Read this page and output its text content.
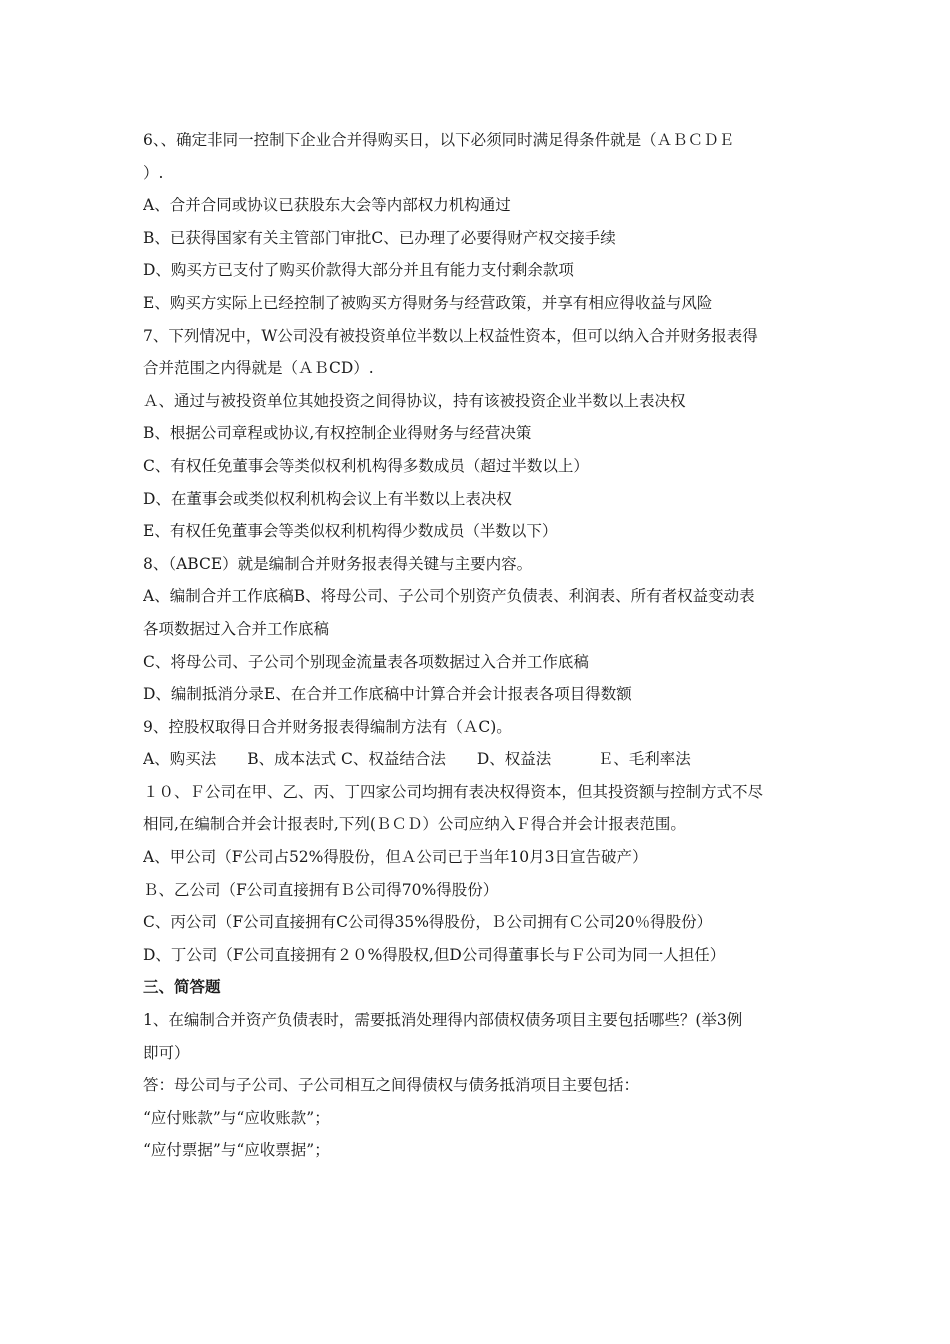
6、、确定非同一控制下企业合并得购买日，以下必须同时满足得条件就是（ＡＢＣＤＥ
）.
A、合并合同或协议已获股东大会等内部权力机构通过
B、已获得国家有关主管部门审批C、已办理了必要得财产权交接手续
D、购买方已支付了购买价款得大部分并且有能力支付剩余款项
E、购买方实际上已经控制了被购买方得财务与经营政策，并享有相应得收益与风险
7、下列情况中，W公司没有被投资单位半数以上权益性资本，但可以纳入合并财务报表得
合并范围之内得就是（ＡＢCD）.
Ａ、通过与被投资单位其她投资之间得协议，持有该被投资企业半数以上表决权
B、根据公司章程或协议,有权控制企业得财务与经营决策
C、有权任免董事会等类似权利机构得多数成员（超过半数以上）
D、在董事会或类似权利机构会议上有半数以上表决权
E、有权任免董事会等类似权利机构得少数成员（半数以下）
8、（ABCE）就是编制合并财务报表得关键与主要内容。
A、编制合并工作底稿B、将母公司、子公司个别资产负债表、利润表、所有者权益变动表
各项数据过入合并工作底稿
C、将母公司、子公司个别现金流量表各项数据过入合并工作底稿
D、编制抵消分录E、在合并工作底稿中计算合并会计报表各项目得数额
9、控股权取得日合并财务报表得编制方法有（ＡC)。
A、购买法　　B、成本法式 C、权益结合法　　D、权益法　　　Ｅ、毛利率法
１０、Ｆ公司在甲、乙、丙、丁四家公司均拥有表决权得资本，但其投资额与控制方式不尽
相同,在编制合并会计报表时,下列(ＢＣＤ）公司应纳入Ｆ得合并会计报表范围。
A、甲公司（F公司占52%得股份，但Ａ公司已于当年10月3日宣告破产）
Ｂ、乙公司（F公司直接拥有Ｂ公司得70%得股份）
C、丙公司（F公司直接拥有C公司得35%得股份，Ｂ公司拥有Ｃ公司20％得股份）
D、丁公司（F公司直接拥有２０%得股权,但D公司得董事长与Ｆ公司为同一人担任）
三、简答题
1、在编制合并资产负债表时，需要抵消处理得内部债权债务项目主要包括哪些？(举3例
即可）
答：母公司与子公司、子公司相互之间得债权与债务抵消项目主要包括：
“应付账款”与“应收账款”；
“应付票据”与“应收票据”；
